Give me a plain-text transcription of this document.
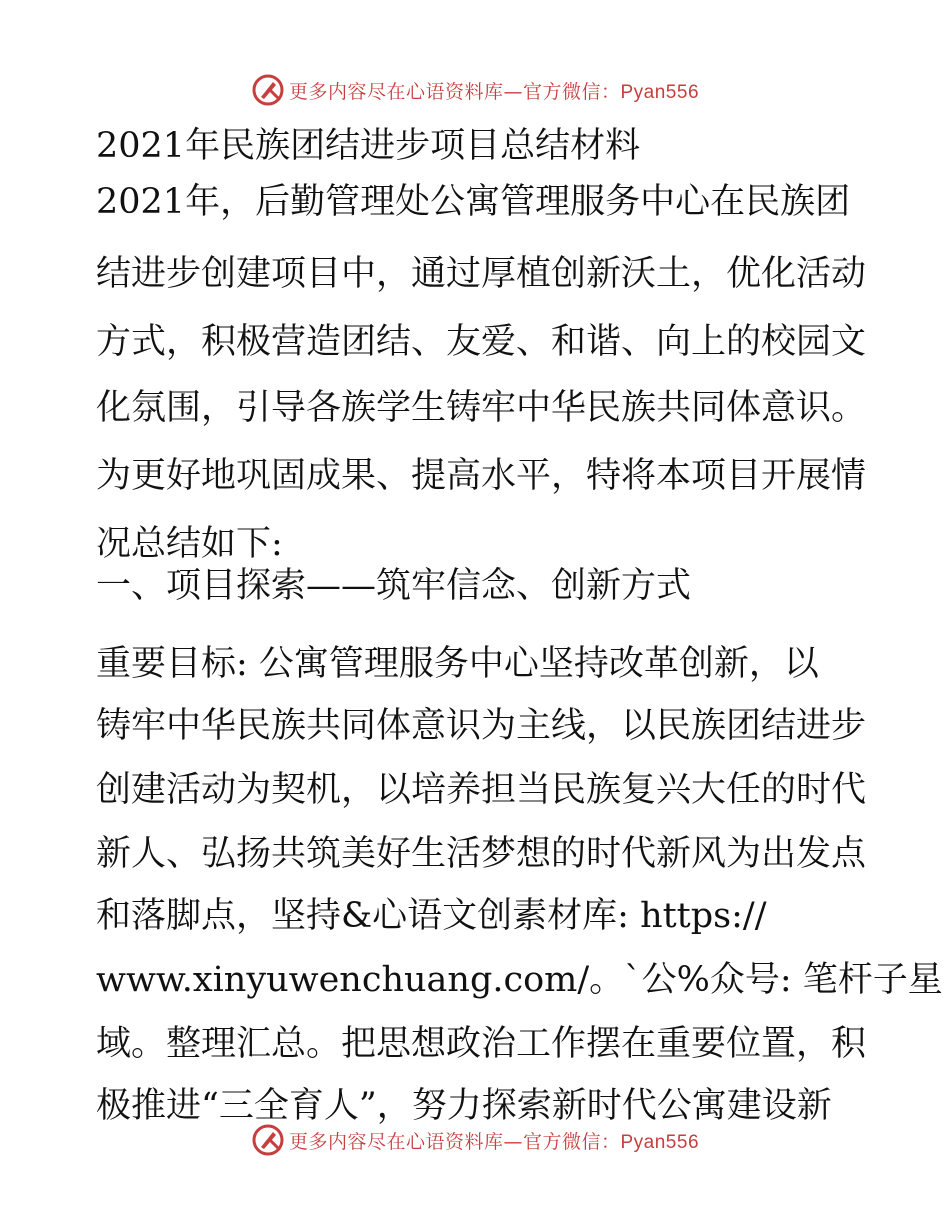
更多内容尽在心语资料库—官方微信：Pyan556
2021年民族团结进步项目总结材料
2021年，后勤管理处公寓管理服务中心在民族团
结进步创建项目中，通过厚植创新沃土，优化活动
方式，积极营造团结、友爱、和谐、向上的校园文
化氛围，引导各族学生铸牢中华民族共同体意识。
为更好地巩固成果、提高水平，特将本项目开展情
况总结如下:
一、项目探索——筑牢信念、创新方式
重要目标: 公寓管理服务中心坚持改革创新，以
铸牢中华民族共同体意识为主线，以民族团结进步
创建活动为契机，以培养担当民族复兴大任的时代
新人、弘扬共筑美好生活梦想的时代新风为出发点
和落脚点，坚持&心语文创素材库: https://
www.xinyuwenchuang.com/。`公%众号: 笔杆子星
域。整理汇总。把思想政治工作摆在重要位置，积
极推进“三全育人”，努力探索新时代公寓建设新
更多内容尽在心语资料库—官方微信：Pyan556
